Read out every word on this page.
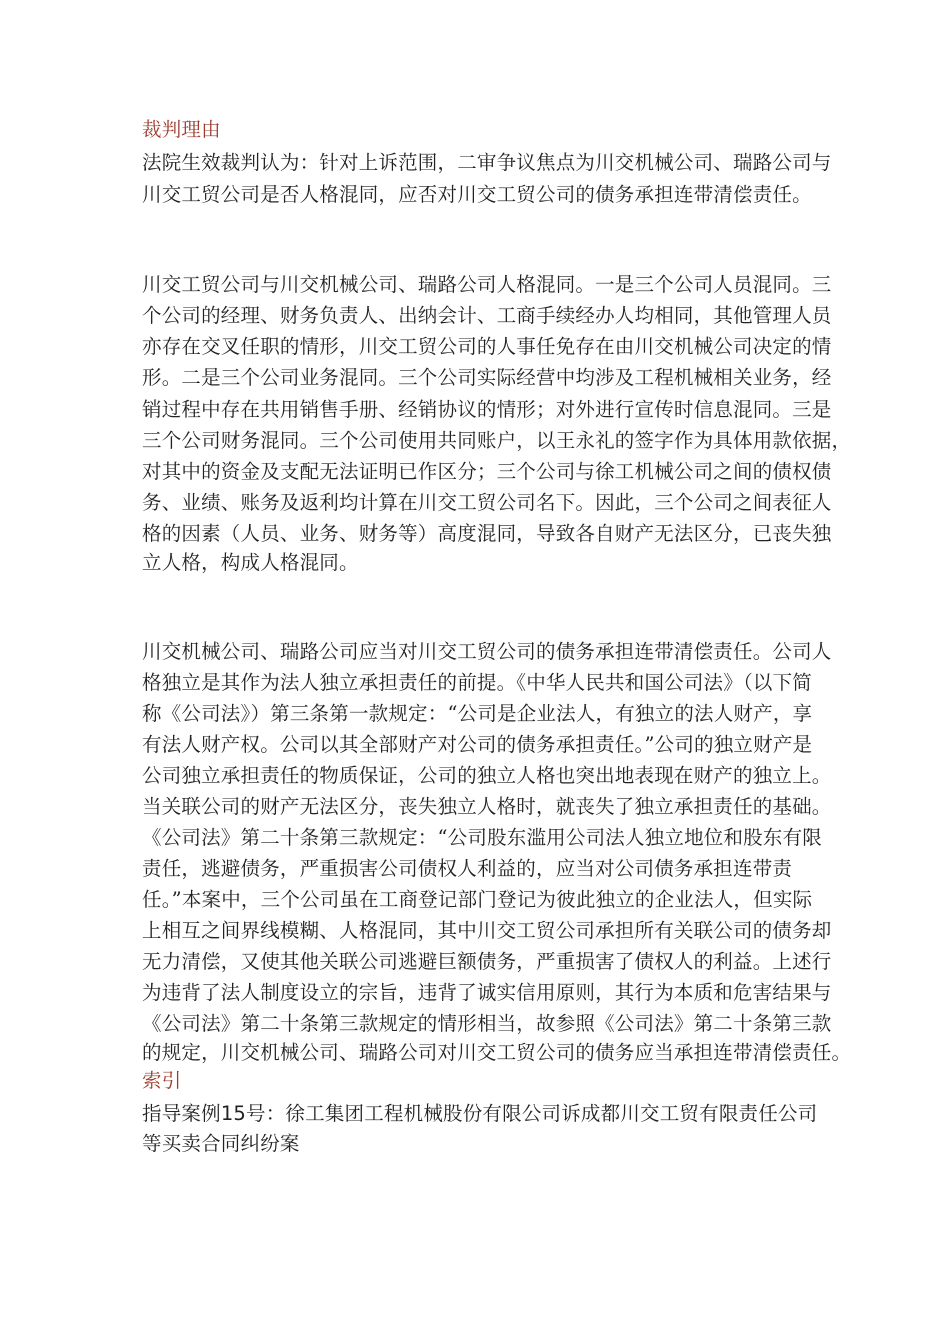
裁判理由
法院生效裁判认为：针对上诉范围，二审争议焦点为川交机械公司、瑞路公司与
川交工贸公司是否人格混同，应否对川交工贸公司的债务承担连带清偿责任。
川交工贸公司与川交机械公司、瑞路公司人格混同。一是三个公司人员混同。三
个公司的经理、财务负责人、出纳会计、工商手续经办人均相同，其他管理人员
亦存在交叉任职的情形，川交工贸公司的人事任免存在由川交机械公司决定的情
形。二是三个公司业务混同。三个公司实际经营中均涉及工程机械相关业务，经
销过程中存在共用销售手册、经销协议的情形；对外进行宣传时信息混同。三是
三个公司财务混同。三个公司使用共同账户，以王永礼的签字作为具体用款依据，
对其中的资金及支配无法证明已作区分；三个公司与徐工机械公司之间的债权债
务、业绩、账务及返利均计算在川交工贸公司名下。因此，三个公司之间表征人
格的因素（人员、业务、财务等）高度混同，导致各自财产无法区分，已丧失独
立人格，构成人格混同。
川交机械公司、瑞路公司应当对川交工贸公司的债务承担连带清偿责任。公司人
格独立是其作为法人独立承担责任的前提。《中华人民共和国公司法》（以下简
称《公司法》）第三条第一款规定：“公司是企业法人，有独立的法人财产，享
有法人财产权。公司以其全部财产对公司的债务承担责任。”公司的独立财产是
公司独立承担责任的物质保证，公司的独立人格也突出地表现在财产的独立上。
当关联公司的财产无法区分，丧失独立人格时，就丧失了独立承担责任的基础。
《公司法》第二十条第三款规定：“公司股东滥用公司法人独立地位和股东有限
责任，逃避债务，严重损害公司债权人利益的，应当对公司债务承担连带责
任。”本案中，三个公司虽在工商登记部门登记为彼此独立的企业法人，但实际
上相互之间界线模糊、人格混同，其中川交工贸公司承担所有关联公司的债务却
无力清偿，又使其他关联公司逃避巨额债务，严重损害了债权人的利益。上述行
为违背了法人制度设立的宗旨，违背了诚实信用原则，其行为本质和危害结果与
《公司法》第二十条第三款规定的情形相当，故参照《公司法》第二十条第三款
的规定，川交机械公司、瑞路公司对川交工贸公司的债务应当承担连带清偿责任。
索引
指导案例15号：徐工集团工程机械股份有限公司诉成都川交工贸有限责任公司
等买卖合同纠纷案
